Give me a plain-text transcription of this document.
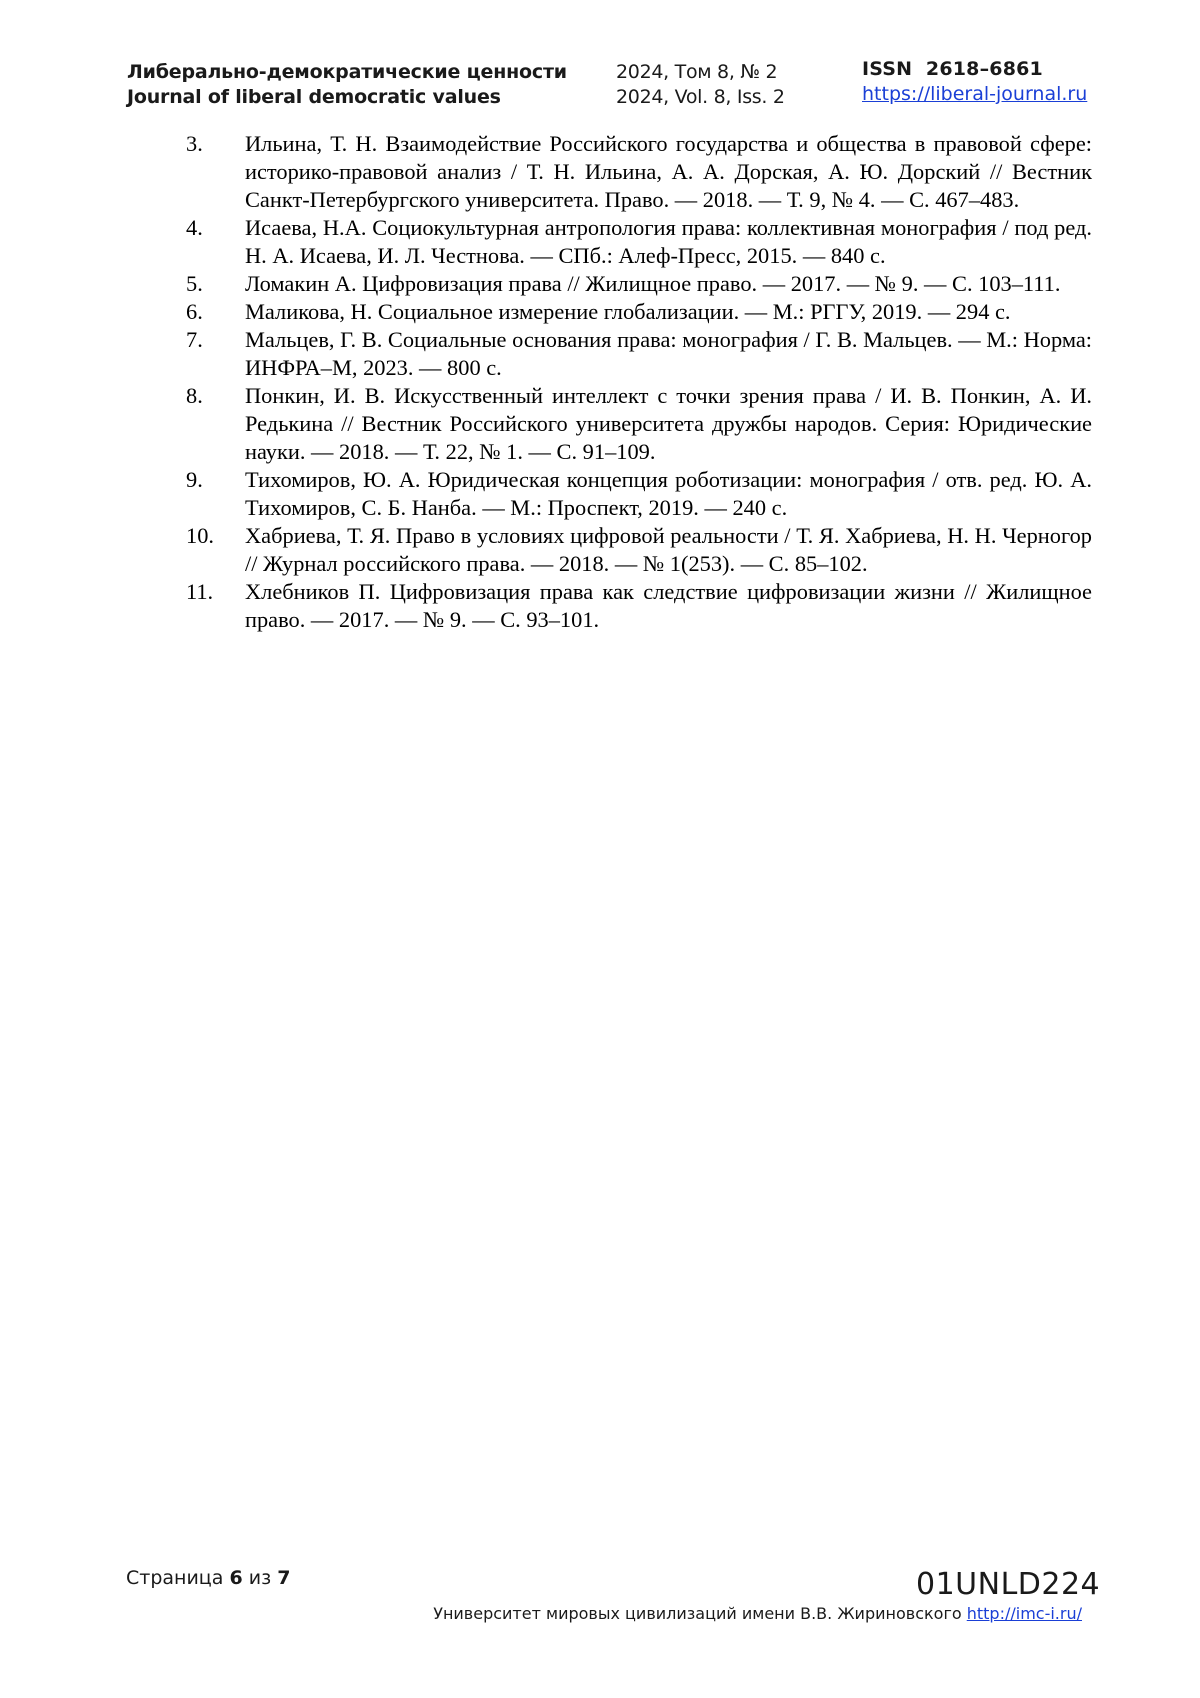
Либерально-демократические ценности
Journal of liberal democratic values
2024, Том 8, № 2
2024, Vol. 8, Iss. 2
ISSN  2618–6861
https://liberal-journal.ru
3.	Ильина, Т. Н. Взаимодействие Российского государства и общества в правовой сфере: историко-правовой анализ / Т. Н. Ильина, А. А. Дорская, А. Ю. Дорский // Вестник Санкт-Петербургского университета. Право. — 2018. — Т. 9, № 4. — С. 467–483.
4.	Исаева, Н.А. Социокультурная антропология права: коллективная монография / под ред. Н. А. Исаева, И. Л. Честнова. — СПб.: Алеф-Пресс, 2015. — 840 с.
5.	Ломакин А. Цифровизация права // Жилищное право. — 2017. — № 9. — С. 103–111.
6.	Маликова, Н. Социальное измерение глобализации. — М.: РГГУ, 2019. — 294 с.
7.	Мальцев, Г. В. Социальные основания права: монография / Г. В. Мальцев. — М.: Норма: ИНФРА–М, 2023. — 800 с.
8.	Понкин, И. В. Искусственный интеллект с точки зрения права / И. В. Понкин, А. И. Редькина // Вестник Российского университета дружбы народов. Серия: Юридические науки. — 2018. — Т. 22, № 1. — С. 91–109.
9.	Тихомиров, Ю. А. Юридическая концепция роботизации: монография / отв. ред. Ю. А. Тихомиров, С. Б. Нанба. — М.: Проспект, 2019. — 240 с.
10.	Хабриева, Т. Я. Право в условиях цифровой реальности / Т. Я. Хабриева, Н. Н. Черногор // Журнал российского права. — 2018. — № 1(253). — С. 85–102.
11.	Хлебников П. Цифровизация права как следствие цифровизации жизни // Жилищное право. — 2017. — № 9. — С. 93–101.
Страница 6 из 7	01UNLD224
Университет мировых цивилизаций имени В.В. Жириновского http://imc-i.ru/
